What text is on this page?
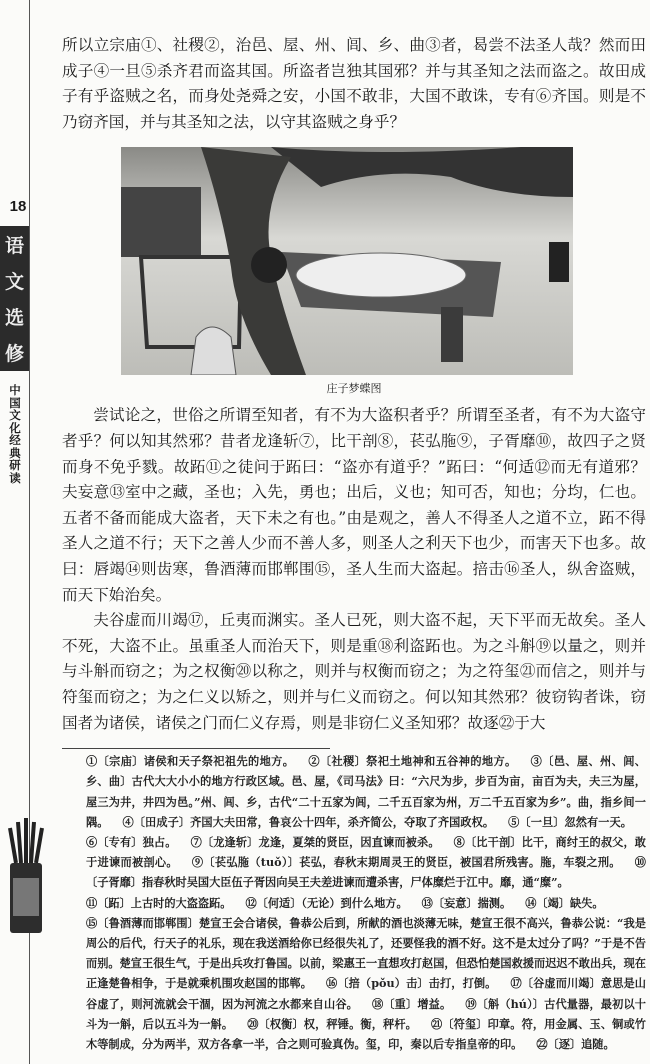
18
语
文
选
修
中
国
文
化
经
典
研
读

所以立宗庙①、社稷②，治邑、屋、州、闾、乡、曲③者，曷尝不法圣人哉？然而田成子④一旦⑤杀齐君而盗其国。所盗者岂独其国邪？并与其圣知之法而盗之。故田成子有乎盗贼之名，而身处尧舜之安，小国不敢非，大国不敢诛，专有⑥齐国。则是不乃窃齐国，并与其圣知之法，以守其盗贼之身乎？

庄子梦蝶图

尝试论之，世俗之所谓至知者，有不为大盗积者乎？所谓至圣者，有不为大盗守者乎？何以知其然邪？昔者龙逢斩⑦，比干剖⑧，苌弘胣⑨，子胥靡⑩，故四子之贤而身不免乎戮。故跖⑪之徒问于跖曰：“盗亦有道乎？”跖曰：“何适⑫而无有道邪？夫妄意⑬室中之藏，圣也；入先，勇也；出后，义也；知可否，知也；分均，仁也。五者不备而能成大盗者，天下未之有也。”由是观之，善人不得圣人之道不立，跖不得圣人之道不行；天下之善人少而不善人多，则圣人之利天下也少，而害天下也多。故曰：唇竭⑭则齿寒，鲁酒薄而邯郸围⑮，圣人生而大盗起。掊击⑯圣人，纵舍盗贼，而天下始治矣。

夫谷虚而川竭⑰，丘夷而渊实。圣人已死，则大盗不起，天下平而无故矣。圣人不死，大盗不止。虽重圣人而治天下，则是重⑱利盗跖也。为之斗斛⑲以量之，则并与斗斛而窃之；为之权衡⑳以称之，则并与权衡而窃之；为之符玺㉑而信之，则并与符玺而窃之；为之仁义以矫之，则并与仁义而窃之。何以知其然邪？彼窃钩者诛，窃国者为诸侯，诸侯之门而仁义存焉，则是非窃仁义圣知邪？故逐㉒于大

①〔宗庙〕诸侯和天子祭祀祖先的地方。 ②〔社稷〕祭祀土地神和五谷神的地方。 ③〔邑、屋、州、闾、乡、曲〕古代大大小小的地方行政区域。邑、屋，《司马法》曰：“六尺为步，步百为亩，亩百为夫，夫三为屋，屋三为井，井四为邑。”州、闾、乡，古代“二十五家为闾，二千五百家为州，万二千五百家为乡”。曲，指乡间一隅。 ④〔田成子〕齐国大夫田常，鲁哀公十四年，杀齐简公，夺取了齐国政权。 ⑤〔一旦〕忽然有一天。⑥〔专有〕独占。 ⑦〔龙逢斩〕龙逢，夏桀的贤臣，因直谏而被杀。 ⑧〔比干剖〕比干，商纣王的叔父，敢于进谏而被剖心。 ⑨〔苌弘胣（tuǒ）〕苌弘，春秋末期周灵王的贤臣，被国君所残害。胣，车裂之刑。 ⑩〔子胥靡〕指春秋时吴国大臣伍子胥因向吴王夫差进谏而遭杀害，尸体糜烂于江中。靡，通“糜”。
⑪〔跖〕上古时的大盗盗跖。 ⑫〔何适〕（无论）到什么地方。 ⑬〔妄意〕揣测。 ⑭〔竭〕缺失。
⑮〔鲁酒薄而邯郸围〕楚宣王会合诸侯，鲁恭公后到，所献的酒也淡薄无味，楚宣王很不高兴，鲁恭公说：“我是周公的后代，行天子的礼乐，现在我送酒给你已经很失礼了，还要怪我的酒不好。这不是太过分了吗？”于是不告而别。楚宣王很生气，于是出兵攻打鲁国。以前，梁惠王一直想攻打赵国，但恐怕楚国救援而迟迟不敢出兵，现在正逢楚鲁相争，于是就乘机围攻赵国的邯郸。 ⑯〔掊（pǒu）击〕击打，打倒。 ⑰〔谷虚而川竭〕意思是山谷虚了，则河流就会干涸，因为河流之水都来自山谷。 ⑱〔重〕增益。 ⑲〔斛（hú）〕古代量器，最初以十斗为一斛，后以五斗为一斛。 ⑳〔权衡〕权，秤锤。衡，秤杆。 ㉑〔符玺〕印章。符，用金属、玉、铜或竹木等制成，分为两半，双方各拿一半，合之则可验真伪。玺，印，秦以后专指皇帝的印。 ㉒〔逐〕追随。
